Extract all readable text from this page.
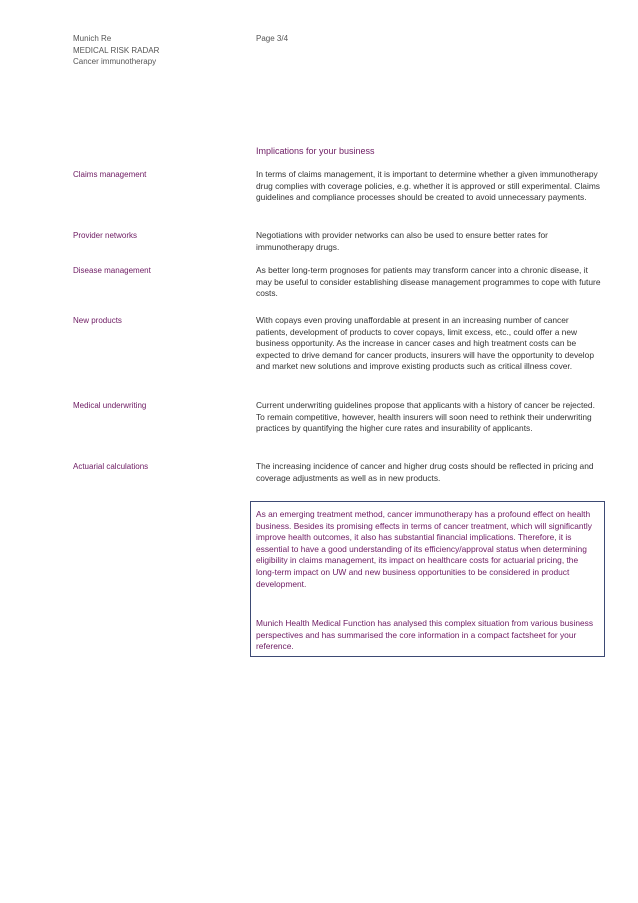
Munich Re
MEDICAL RISK RADAR
Cancer immunotherapy
Page 3/4
Implications for your business
Claims management	In terms of claims management, it is important to determine whether a given immunotherapy drug complies with coverage policies, e.g. whether it is approved or still experimental. Claims guidelines and compliance processes should be created to avoid unnecessary payments.

Provider networks	Negotiations with provider networks can also be used to ensure better rates for immunotherapy drugs.

Disease management	As better long-term prognoses for patients may transform cancer into a chronic disease, it may be useful to consider establishing disease management programmes to cope with future costs.

New products	With copays even proving unaffordable at present in an increasing number of cancer patients, development of products to cover copays, limit excess, etc., could offer a new business opportunity. As the increase in cancer cases and high treatment costs can be expected to drive demand for cancer products, insurers will have the opportunity to develop and market new solutions and improve existing products such as critical illness cover.

Medical underwriting	Current underwriting guidelines propose that applicants with a history of cancer be rejected. To remain competitive, however, health insurers will soon need to rethink their underwriting practices by quantifying the higher cure rates and insurability of applicants.

Actuarial calculations	The increasing incidence of cancer and higher drug costs should be reflected in pricing and coverage adjustments as well as in new products.

As an emerging treatment method, cancer immunotherapy has a profound effect on health business. Besides its promising effects in terms of cancer treatment, which will significantly improve health outcomes, it also has substantial financial implications. Therefore, it is essential to have a good understanding of its efficiency/approval status when determining eligibility in claims management, its impact on healthcare costs for actuarial pricing, the long-term impact on UW and new business opportunities to be considered in product development.

Munich Health Medical Function has analysed this complex situation from various business perspectives and has summarised the core information in a compact factsheet for your reference.
